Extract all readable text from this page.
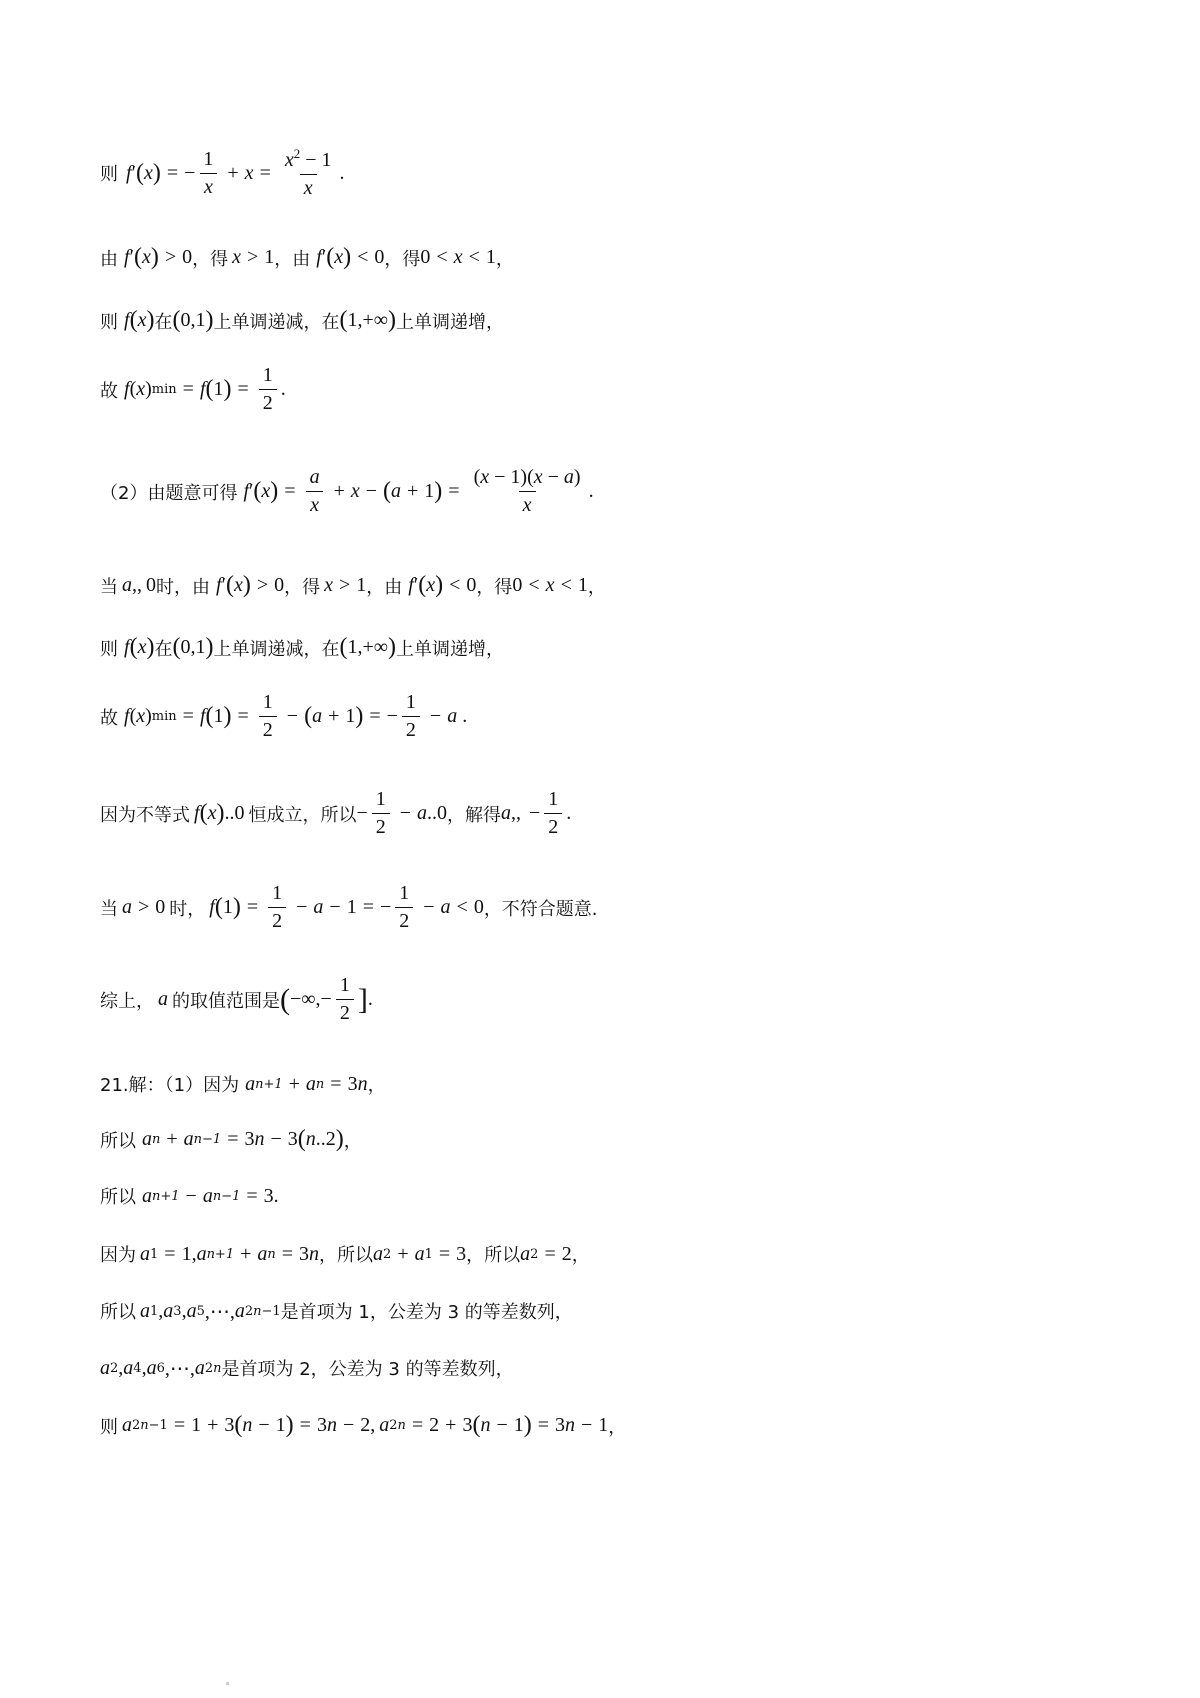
则 f ′ ( x ) = − $\frac{1}{x} + x = \frac{x^2 - 1}{x}$ .
由 f ′ ( x ) > 0 ，得 x > 1 ，由 f ′ ( x ) < 0 ，得 0 < x < 1 ，
则 f ( x ) 在 ( 0,1 ) 上单调递减，在 ( 1,+∞ ) 上单调递增，
故 f ( x ) min = f ( 1 ) = $\frac{1}{2}$ .
（2）由题意可得 f ′ ( x ) = $\frac{a}{x} + x$ − ( a + 1 ) = $\frac{(x - 1)(x - a)}{x}$ .
当 a ,, 0 时，由 f ′ ( x ) > 0 ，得 x > 1 ，由 f ′ ( x ) < 0 ，得 0 < x < 1 ，
则 f ( x ) 在 ( 0,1 ) 上单调递减，在 ( 1,+∞ ) 上单调递增，
故 f ( x ) min = f ( 1 ) = $\frac{1}{2}$ − ( a + 1 ) = − $\frac{1}{2} - a$ .
因为不等式 f ( x ) ..0 恒成立，所以 − $\frac{1}{2} - a$ ..0 ，解得 a ,, − $\frac{1}{2}$ .
当 a > 0 时， f ( 1 ) = $\frac{1}{2} - a - 1$ = − $\frac{1}{2} - a < 0$ ，不符合题意.
综上， a 的取值范围是 ( −∞,− $\frac{1}{2}$ ] .
21.解：（1）因为 a n+1 + a n = 3 n ，
所以 a n + a n−1 = 3 n − 3 ( n ..2 ) ，
所以 a n+1 − a n−1 = 3.
因为 a 1 = 1, a n+1 + a n = 3 n ，所以 a 2 + a 1 = 3 ，所以 a 2 = 2 ，
所以 a 1 , a 3 , a 5 ,⋯, a 2n−1 是首项为 1，公差为 3 的等差数列，
a 2 , a 4 , a 6 ,⋯, a 2n 是首项为 2，公差为 3 的等差数列，
则 a 2n−1 = 1 + 3 ( n − 1 ) = 3 n − 2, a 2n = 2 + 3 ( n − 1 ) = 3 n − 1 ，
